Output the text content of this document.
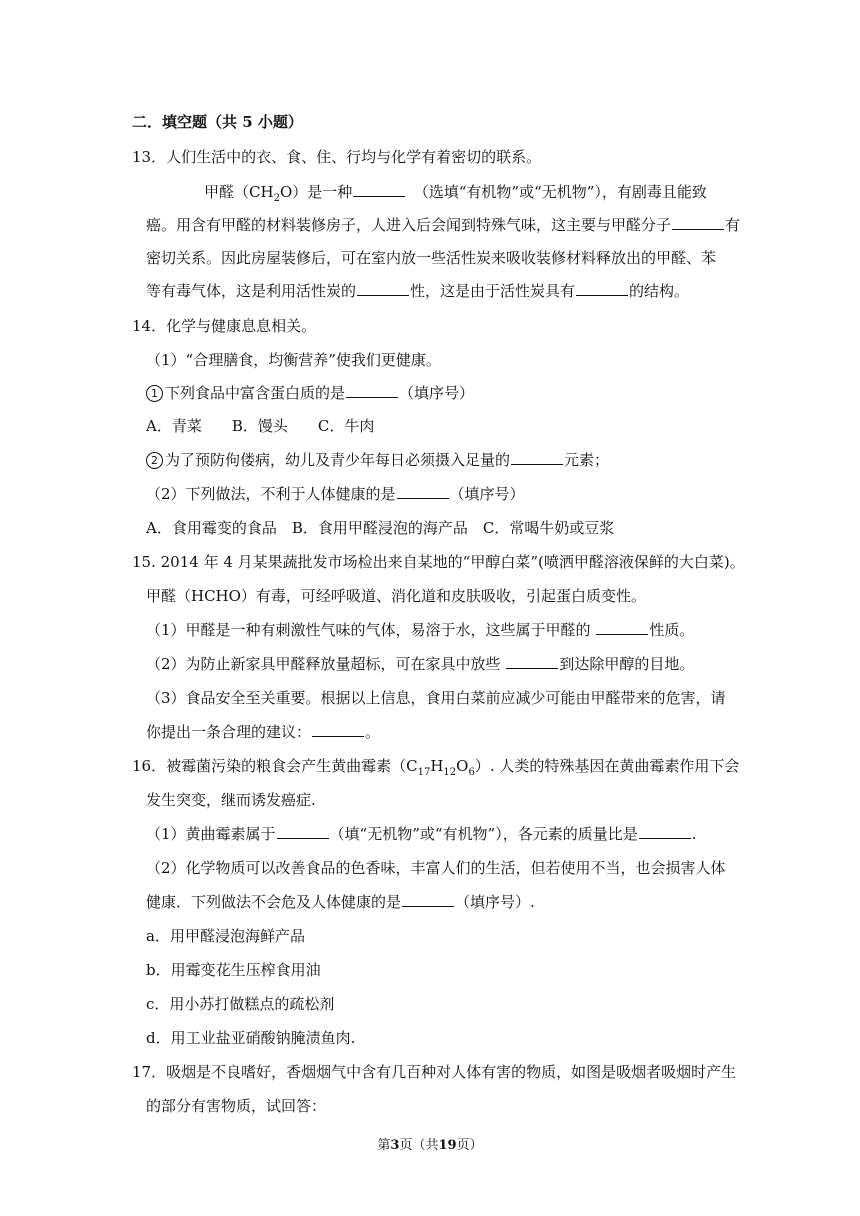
二．填空题（共 5 小题）
13．人们生活中的衣、食、住、行均与化学有着密切的联系。
甲醛$(CH_2O)$是一种	　（选填“有机物”或“无机物”），有剧毒且能致
癌。用含有甲醛的材料装修房子，人进入后会闻到特殊气味，这主要与甲醛分子	有
密切关系。因此房屋装修后，可在室内放一些活性炭来吸收装修材料释放出的甲醛、苯
等有毒气体，这是利用活性炭的	性，这是由于活性炭具有	的结构。
14．化学与健康息息相关。
（1）“合理膳食，均衡营养”使我们更健康。
1 下列食品中富含蛋白质的是	（填序号）
A．青菜　　B．馒头　　C．牛肉
2 为了预防佝偻病，幼儿及青少年每日必须摄入足量的	元素；
（2）下列做法，不利于人体健康的是	（填序号）
A．食用霉变的食品　B．食用甲醛浸泡的海产品　C．常喝牛奶或豆浆
15. 2014 年 4 月某果蔬批发市场检出来自某地的“甲醇白菜”(喷洒甲醛溶液保鲜的大白菜)。
甲醛（HCHO）有毒，可经呼吸道、消化道和皮肤吸收，引起蛋白质变性。
（1）甲醛是一种有刺激性气味的气体，易溶于水，这些属于甲醛的	性质。
（2）为防止新家具甲醛释放量超标，可在家具中放些	到达除甲醇的目地。
（3）食品安全至关重要。根据以上信息，食用白菜前应减少可能由甲醛带来的危害，请
你提出一条合理的建议：	。
16．被霉菌污染的粮食会产生黄曲霉素$(C_{17}H_{12}O_6)$. 人类的特殊基因在黄曲霉素作用下会
发生突变，继而诱发癌症.
（1）黄曲霉素属于	（填“无机物”或“有机物”），各元素的质量比是	.
（2）化学物质可以改善食品的色香味，丰富人们的生活，但若使用不当，也会损害人体
健康．下列做法不会危及人体健康的是	（填序号）.
a．用甲醛浸泡海鲜产品
b．用霉变花生压榨食用油
c．用小苏打做糕点的疏松剂
d．用工业盐亚硝酸钠腌渍鱼肉.
17．吸烟是不良嗜好，香烟烟气中含有几百种对人体有害的物质，如图是吸烟者吸烟时产生
的部分有害物质，试回答：
第3页（共19页）
